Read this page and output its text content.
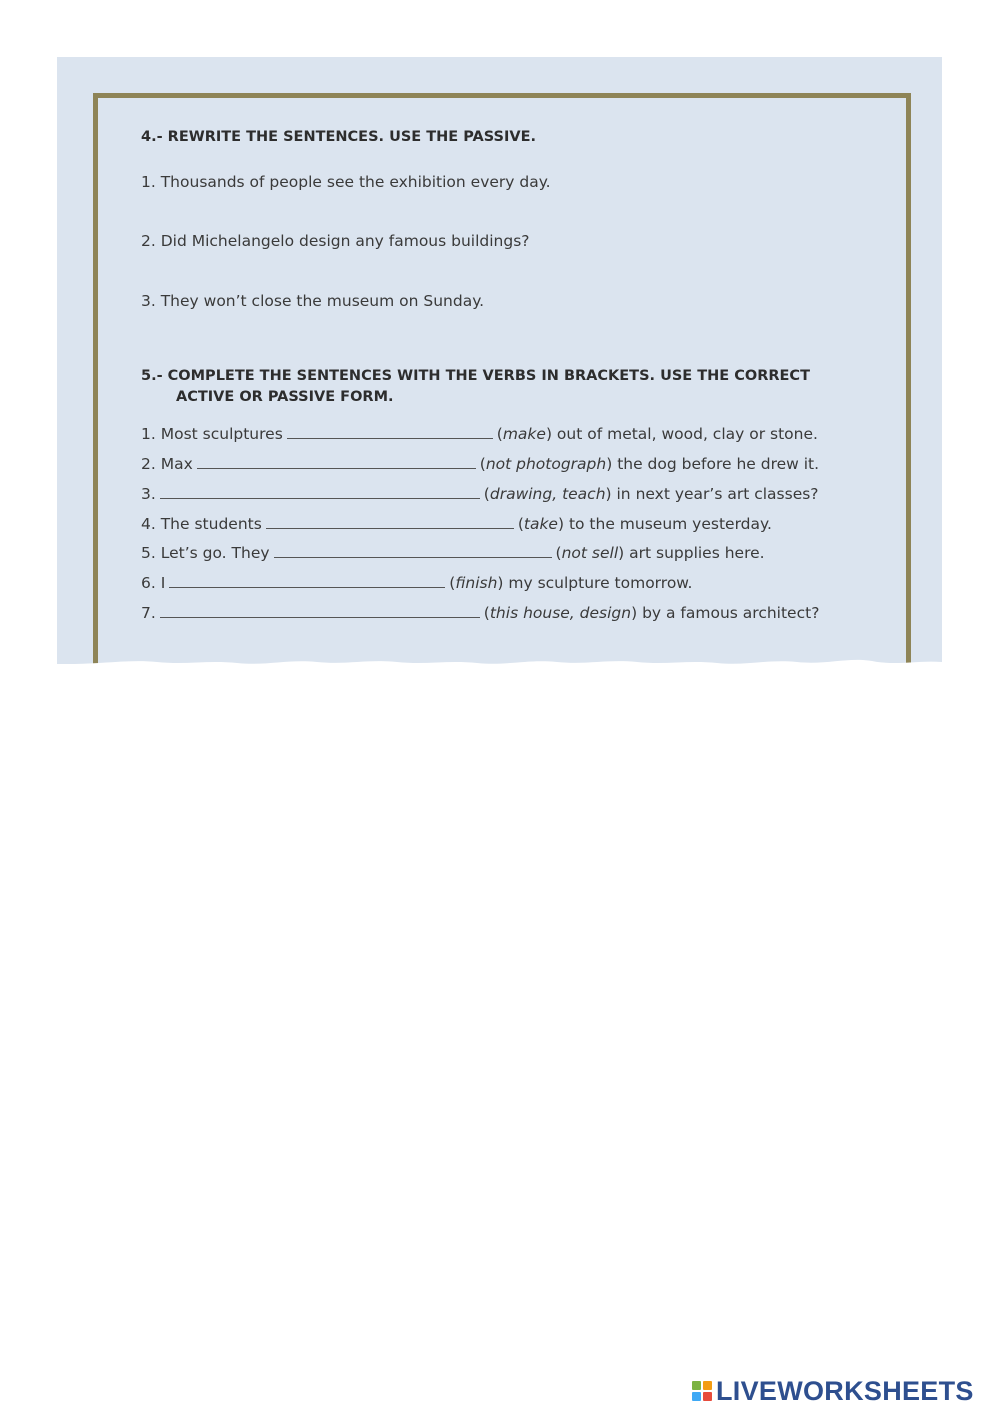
4.- REWRITE THE SENTENCES. USE THE PASSIVE.
1. Thousands of people see the exhibition every day.
2. Did Michelangelo design any famous buildings?
3. They won’t close the museum on Sunday.
5.- COMPLETE THE SENTENCES WITH THE VERBS IN BRACKETS. USE THE CORRECT
ACTIVE OR PASSIVE FORM.
1. Most sculptures	(make) out of metal, wood, clay or stone.
2. Max	(not photograph) the dog before he drew it.
3.	(drawing, teach) in next year’s art classes?
4. The students	(take) to the museum yesterday.
5. Let’s go. They	(not sell) art supplies here.
6. I	(finish) my sculpture tomorrow.
7.	(this house, design) by a famous architect?
LIVEWORKSHEETS
